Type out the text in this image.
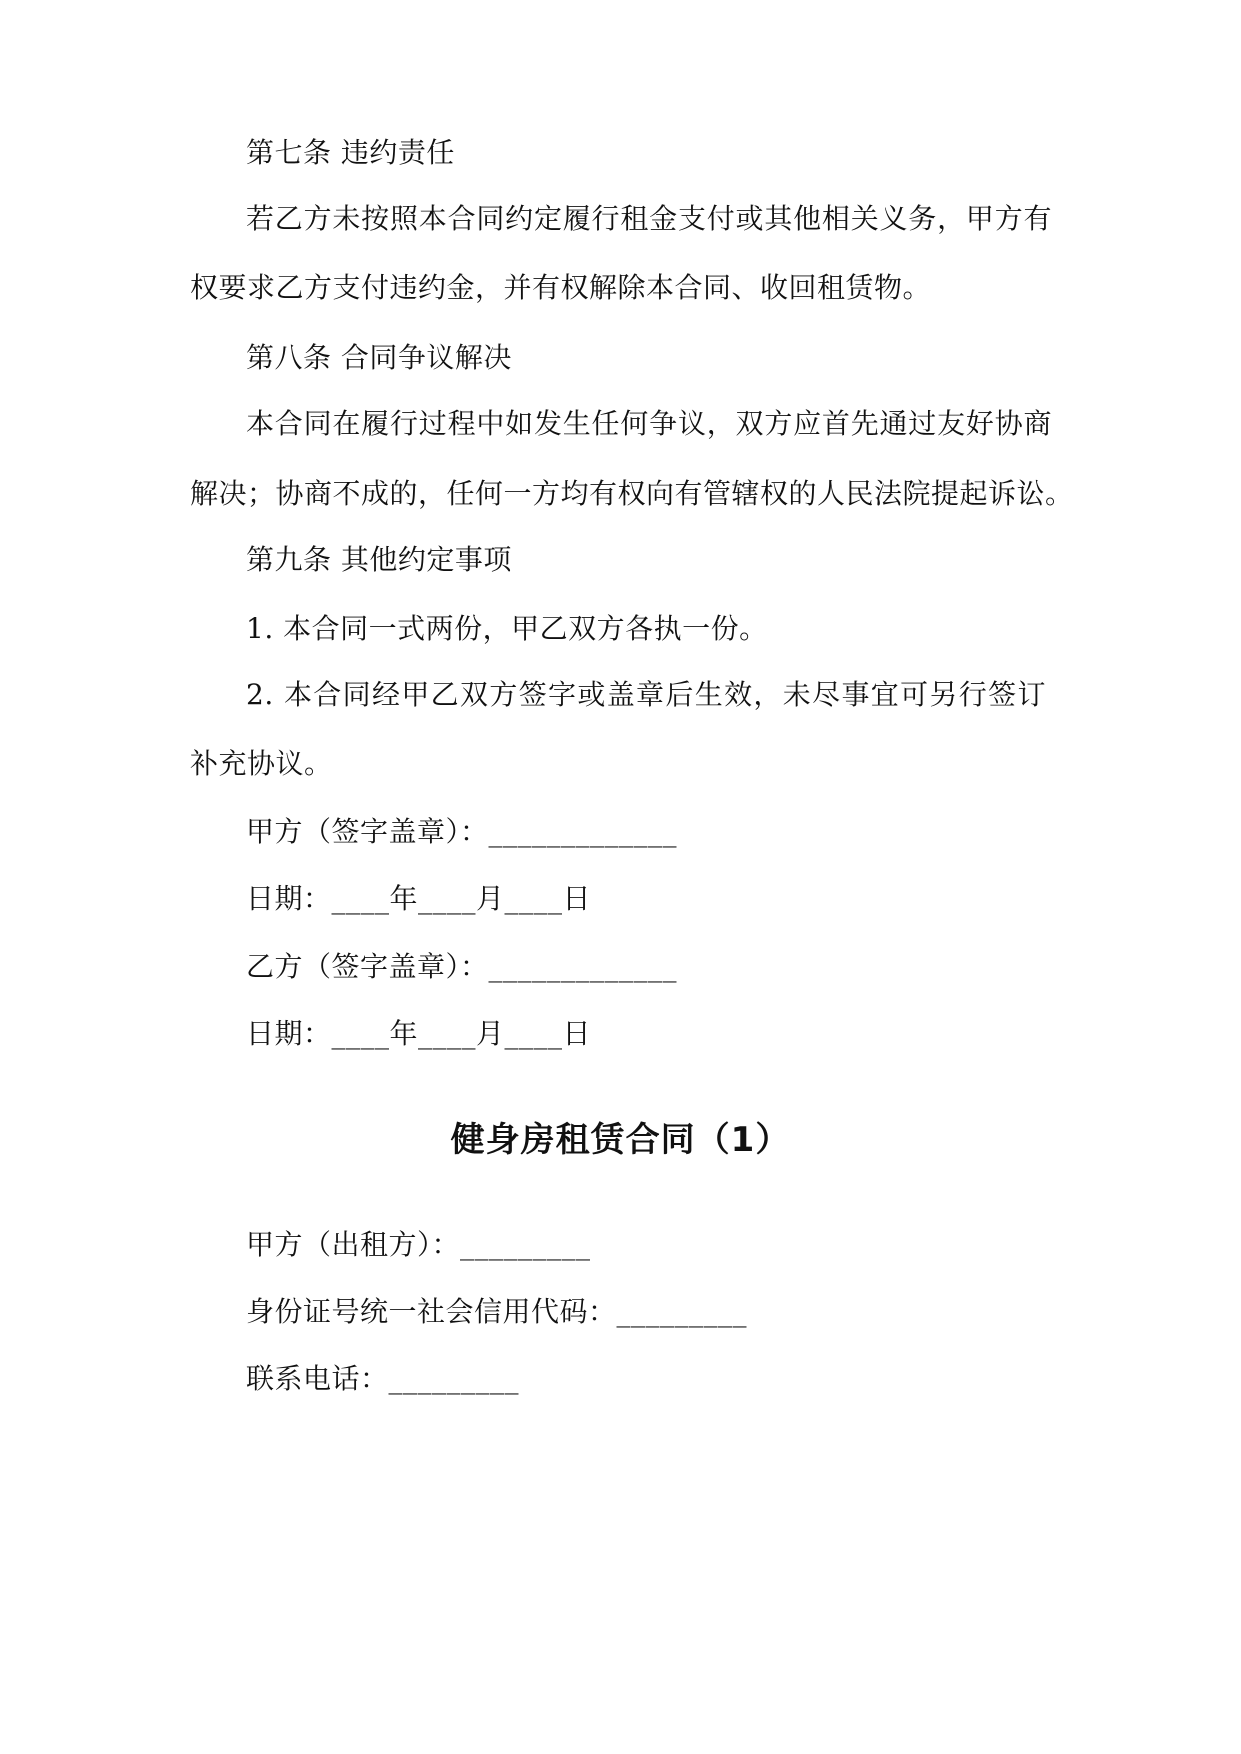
第七条 违约责任
若乙方未按照本合同约定履行租金支付或其他相关义务，甲方有
权要求乙方支付违约金，并有权解除本合同、收回租赁物。
第八条 合同争议解决
本合同在履行过程中如发生任何争议，双方应首先通过友好协商
解决；协商不成的，任何一方均有权向有管辖权的人民法院提起诉讼。
第九条 其他约定事项
1. 本合同一式两份，甲乙双方各执一份。
2. 本合同经甲乙双方签字或盖章后生效，未尽事宜可另行签订
补充协议。
甲方（签字盖章）：_____________
日期：____年____月____日
乙方（签字盖章）：_____________
日期：____年____月____日
健身房租赁合同（1）
甲方（出租方）：_________
身份证号统一社会信用代码：_________
联系电话：_________
